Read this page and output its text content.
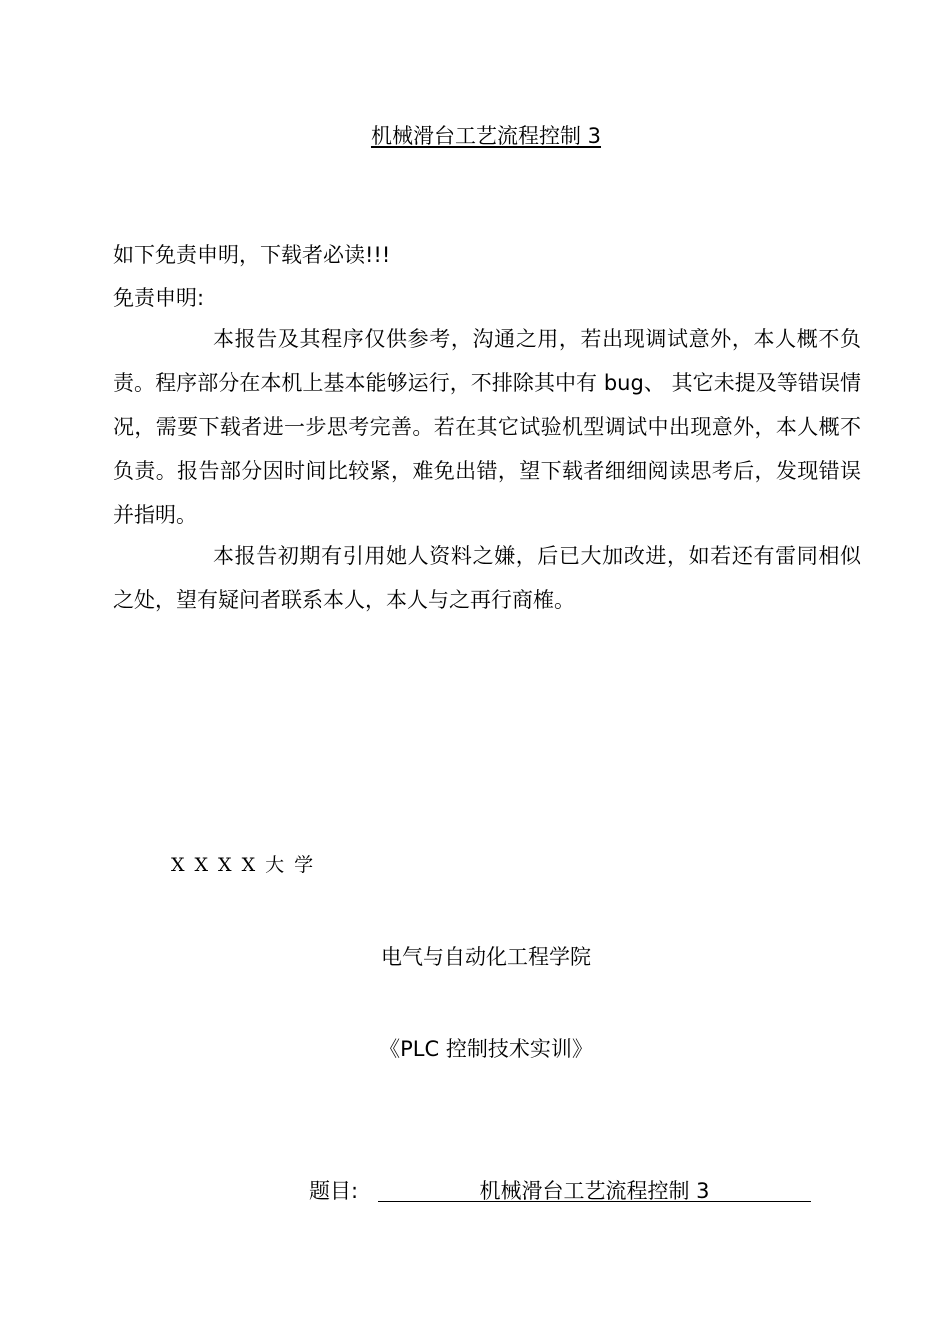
机械滑台工艺流程控制 3
如下免责申明，下载者必读!!!
免责申明:
本报告及其程序仅供参考，沟通之用，若出现调试意外，本人概不负责。程序部分在本机上基本能够运行，不排除其中有 bug、 其它未提及等错误情况，需要下载者进一步思考完善。若在其它试验机型调试中出现意外，本人概不负责。报告部分因时间比较紧，难免出错，望下载者细细阅读思考后，发现错误并指明。
本报告初期有引用她人资料之嫌，后已大加改进，如若还有雷同相似之处，望有疑问者联系本人，本人与之再行商榷。
XXXX大学
电气与自动化工程学院
《PLC 控制技术实训》
题目:	机械滑台工艺流程控制 3
